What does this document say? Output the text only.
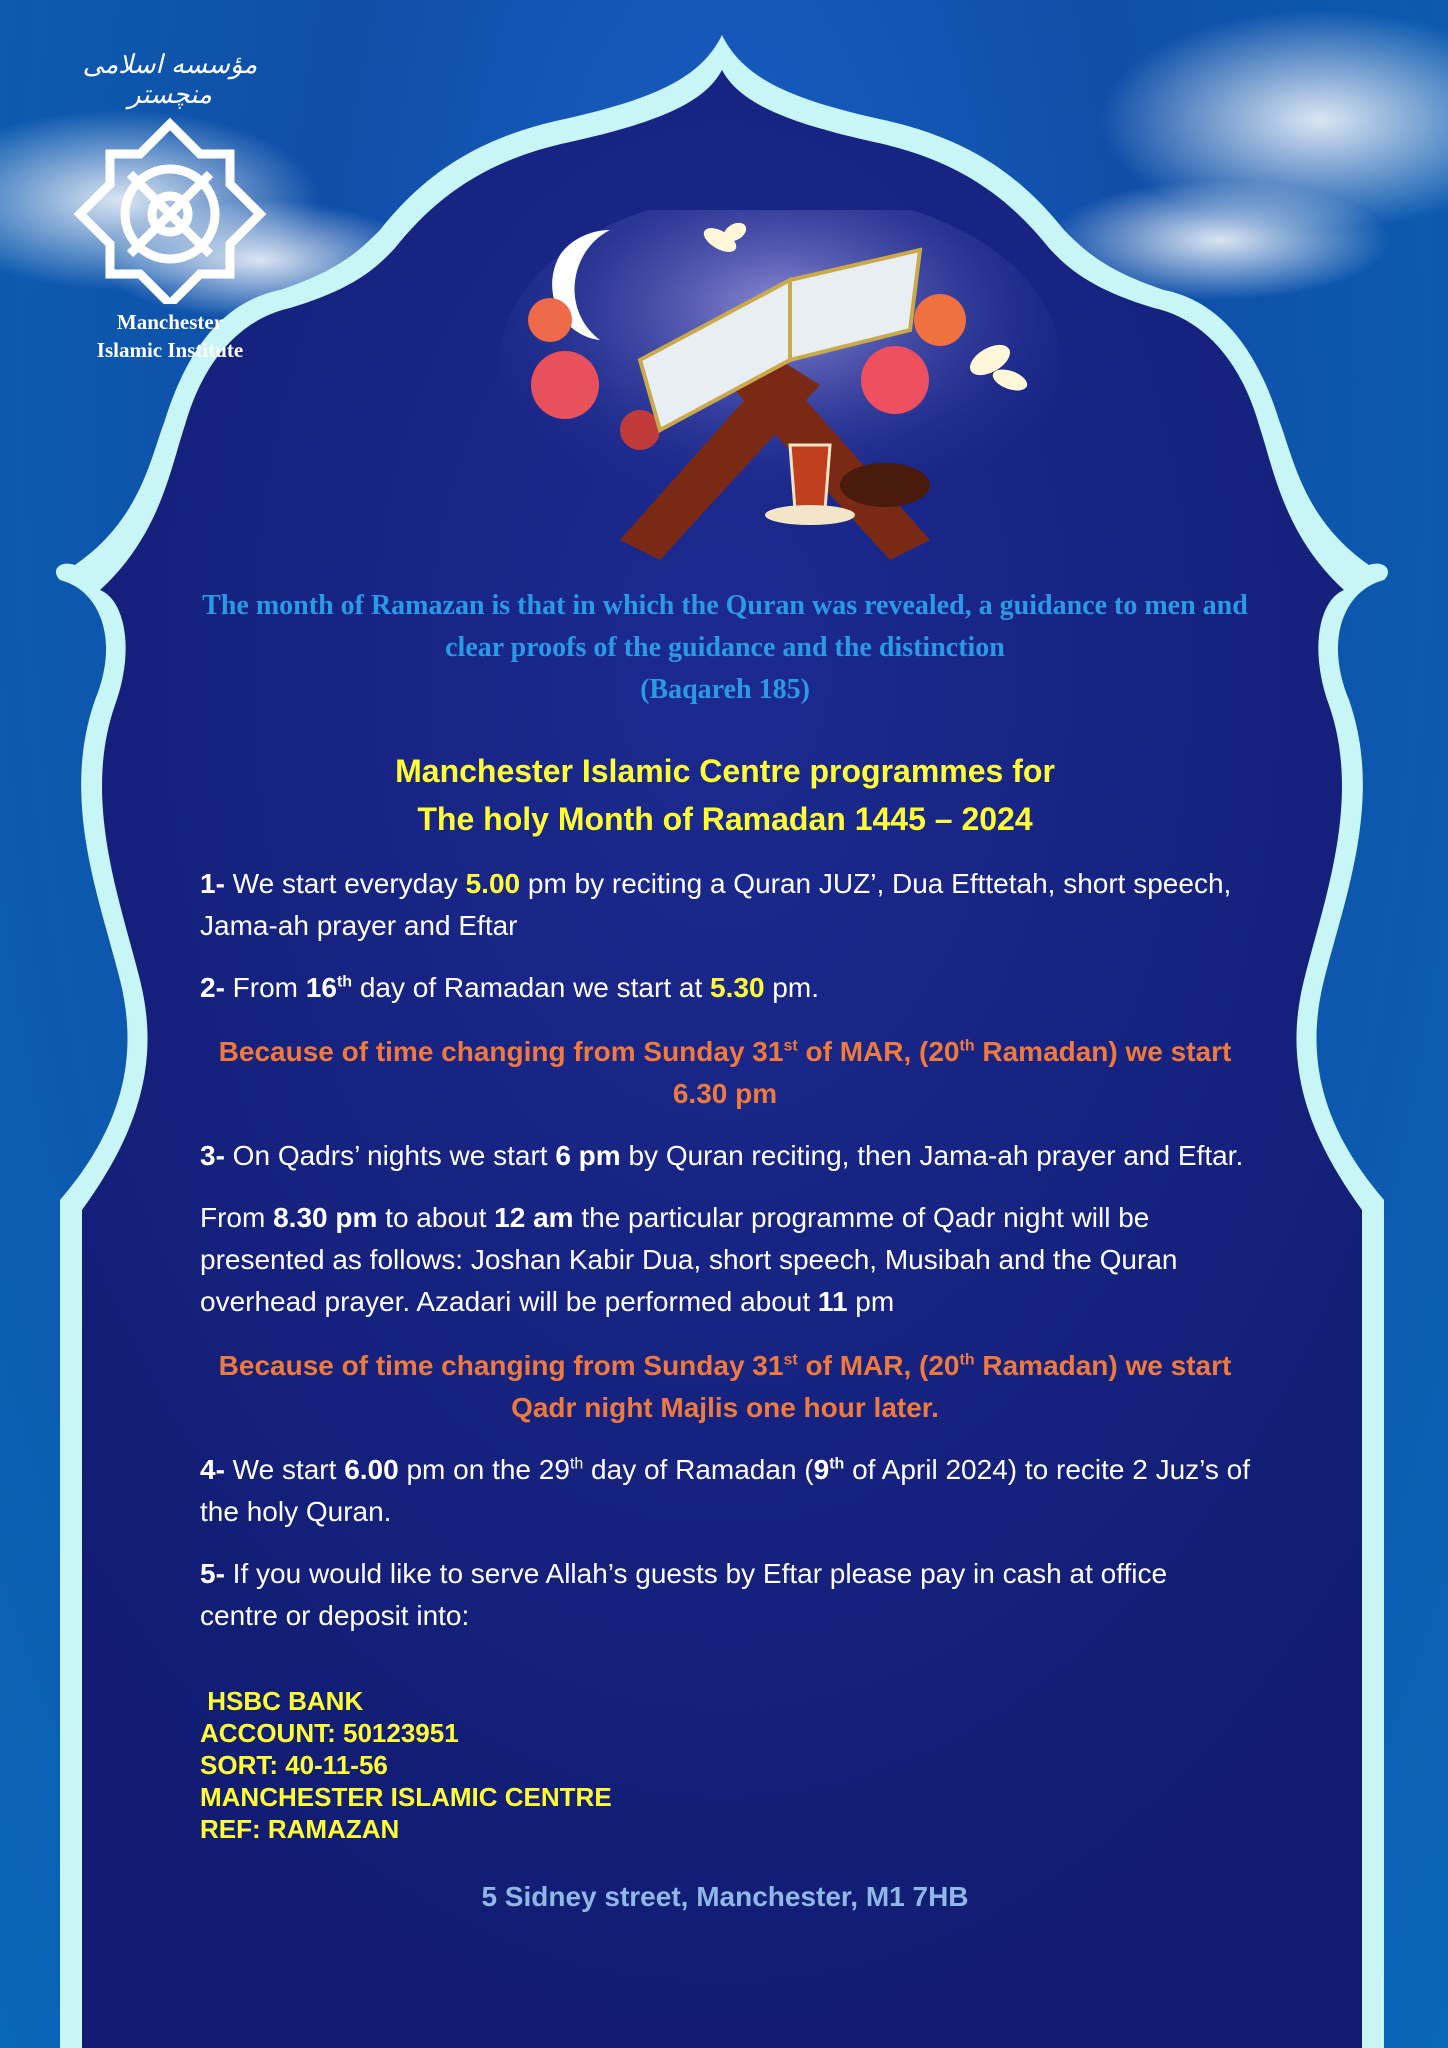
مؤسسه اسلامی منچستر
Manchester
Islamic Institute
The month of Ramazan is that in which the Quran was revealed, a guidance to men and clear proofs of the guidance and the distinction
(Baqareh 185)
Manchester Islamic Centre programmes for
The holy Month of Ramadan 1445 – 2024
1- We start everyday 5.00 pm by reciting a Quran JUZ’, Dua Efttetah, short speech, Jama-ah prayer and Eftar
2- From 16th day of Ramadan we start at 5.30 pm.
Because of time changing from Sunday 31st of MAR, (20th Ramadan) we start 6.30 pm
3- On Qadrs’ nights we start 6 pm by Quran reciting, then Jama-ah prayer and Eftar.
From 8.30 pm to about 12 am the particular programme of Qadr night will be presented as follows: Joshan Kabir Dua, short speech, Musibah and the Quran overhead prayer. Azadari will be performed about 11 pm
Because of time changing from Sunday 31st of MAR, (20th Ramadan) we start Qadr night Majlis one hour later.
4- We start 6.00 pm on the 29th day of Ramadan (9th of April 2024) to recite 2 Juz’s of the holy Quran.
5- If you would like to serve Allah’s guests by Eftar please pay in cash at office centre or deposit into:
HSBC BANK
ACCOUNT: 50123951
SORT: 40-11-56
MANCHESTER ISLAMIC CENTRE
REF: RAMAZAN
5 Sidney street, Manchester, M1 7HB
